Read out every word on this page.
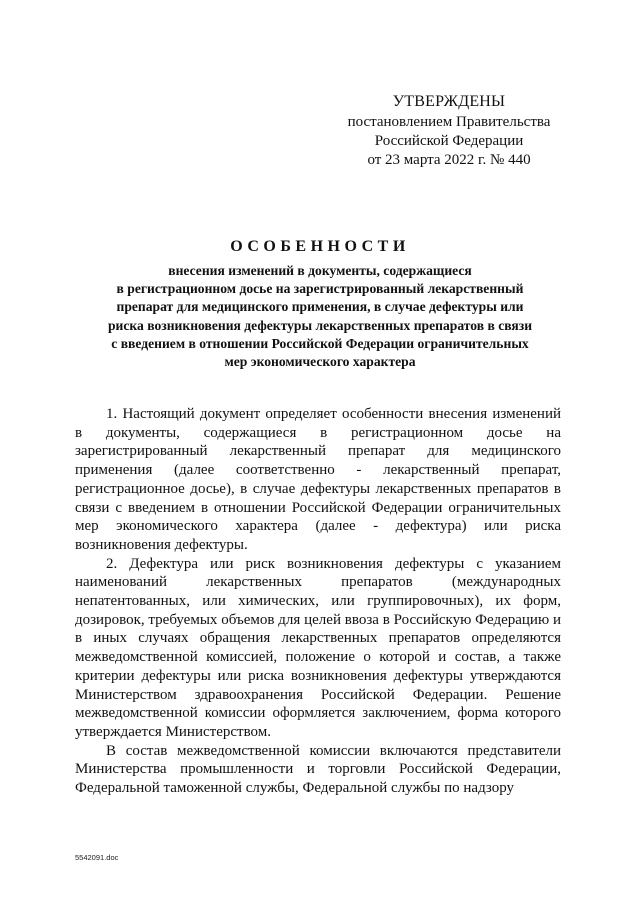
УТВЕРЖДЕНЫ
постановлением Правительства
Российской Федерации
от 23 марта 2022 г. № 440
ОСОБЕННОСТИ
внесения изменений в документы, содержащиеся
в регистрационном досье на зарегистрированный лекарственный
препарат для медицинского применения, в случае дефектуры или
риска возникновения дефектуры лекарственных препаратов в связи
с введением в отношении Российской Федерации ограничительных
мер экономического характера

1. Настоящий документ определяет особенности внесения изменений в документы, содержащиеся в регистрационном досье на зарегистрированный лекарственный препарат для медицинского применения (далее соответственно - лекарственный препарат, регистрационное досье), в случае дефектуры лекарственных препаратов в связи с введением в отношении Российской Федерации ограничительных мер экономического характера (далее - дефектура) или риска возникновения дефектуры.

2. Дефектура или риск возникновения дефектуры с указанием наименований лекарственных препаратов (международных непатентованных, или химических, или группировочных), их форм, дозировок, требуемых объемов для целей ввоза в Российскую Федерацию и в иных случаях обращения лекарственных препаратов определяются межведомственной комиссией, положение о которой и состав, а также критерии дефектуры или риска возникновения дефектуры утверждаются Министерством здравоохранения Российской Федерации. Решение межведомственной комиссии оформляется заключением, форма которого утверждается Министерством.

В состав межведомственной комиссии включаются представители Министерства промышленности и торговли Российской Федерации, Федеральной таможенной службы, Федеральной службы по надзору

5542091.doc
